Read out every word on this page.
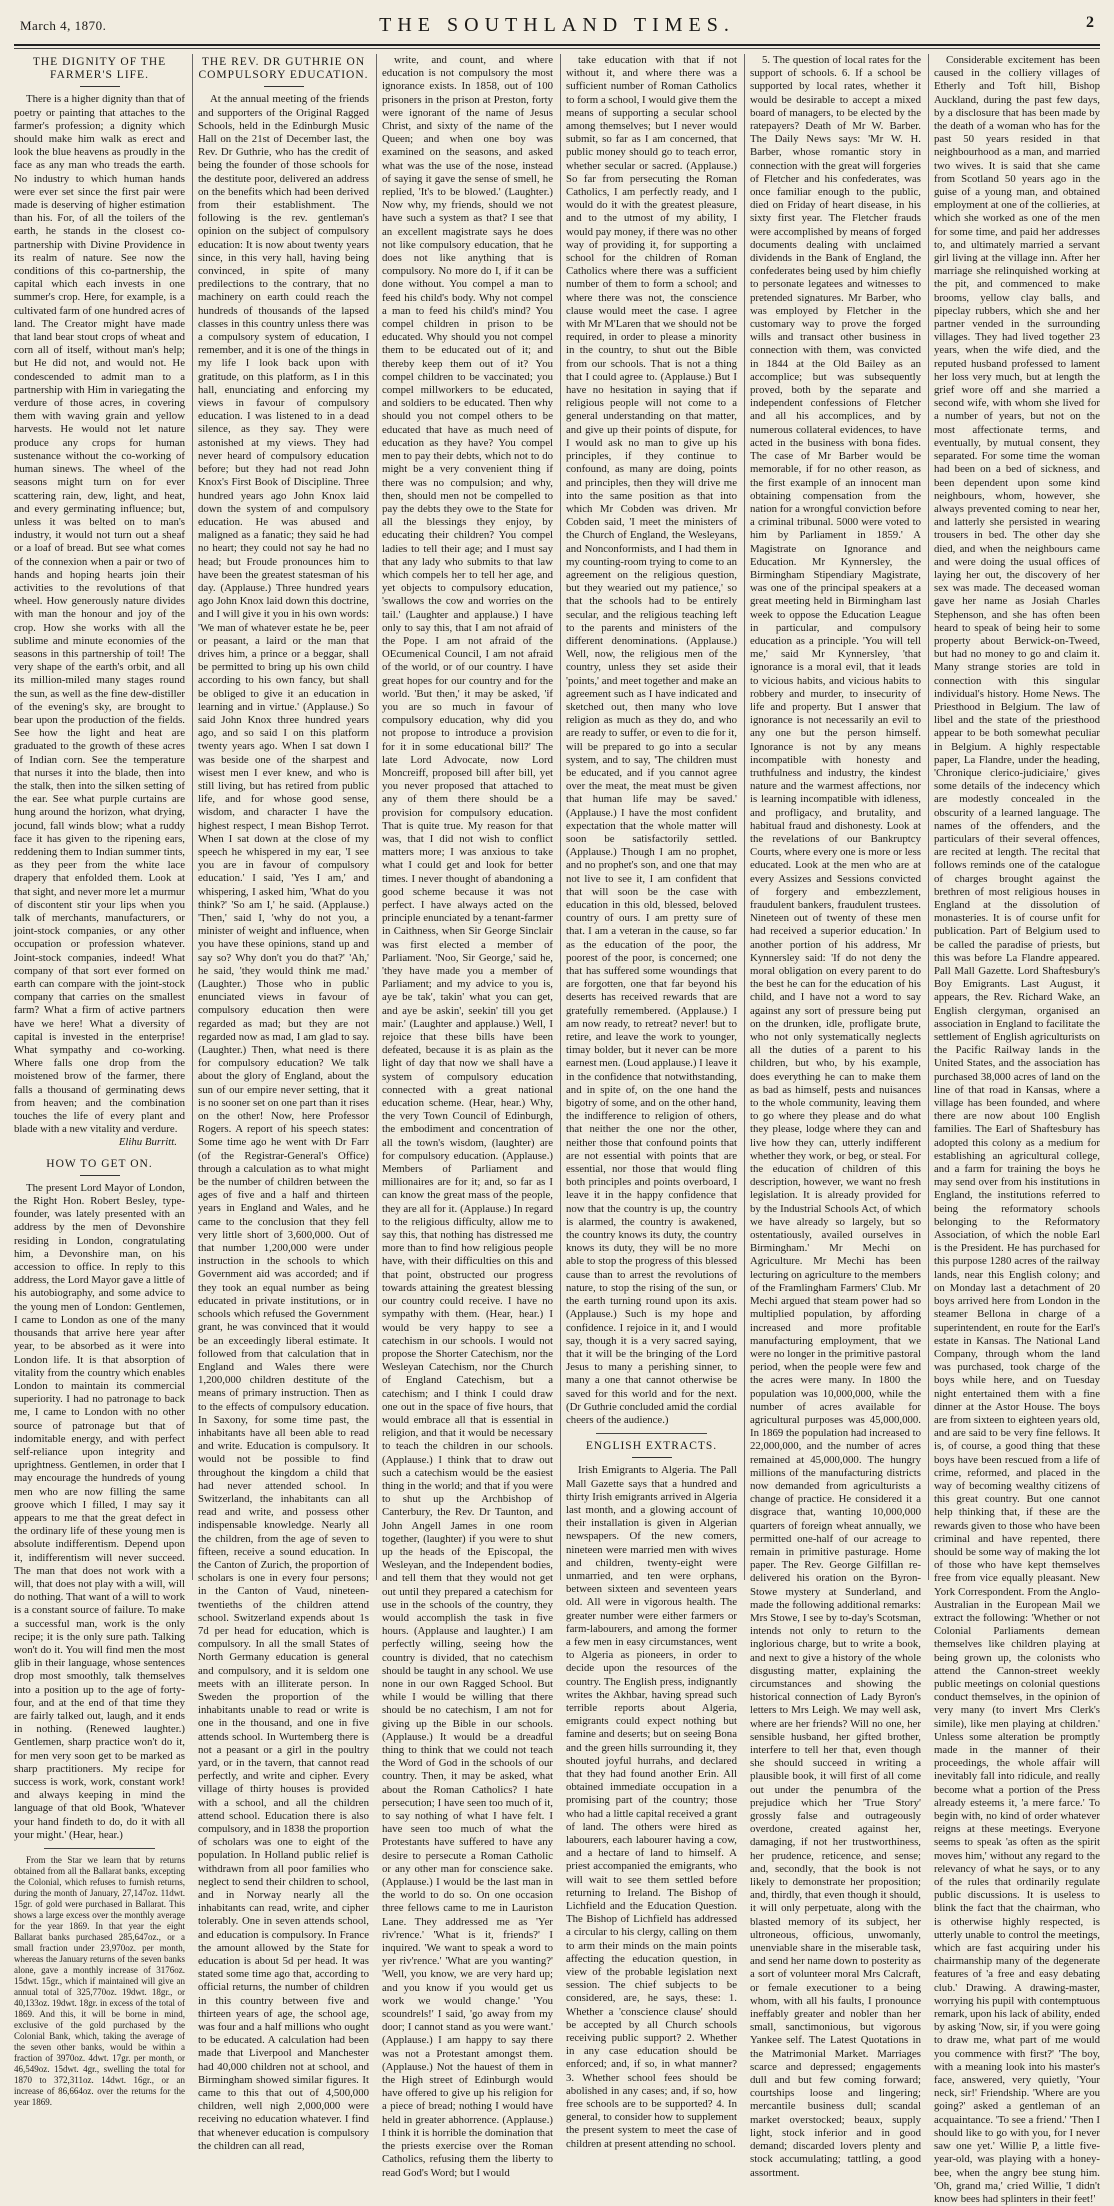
March 4, 1870.	THE SOUTHLAND TIMES.	2
THE DIGNITY OF THE FARMER'S LIFE.

There is a higher dignity than that of poetry or painting that attaches to the farmer's profession; a dignity which should make him walk as erect and look the blue heavens as proudly in the face as any man who treads the earth. No industry to which human hands were ever set since the first pair were made is deserving of higher estimation than his. For, of all the toilers of the earth, he stands in the closest co-partnership with Divine Providence in its realm of nature. See now the conditions of this co-partnership, the capital which each invests in one summer's crop. Here, for example, is a cultivated farm of one hundred acres of land. The Creator might have made that land bear stout crops of wheat and corn all of itself, without man's help; but He did not, and would not. He condescended to admit man to a partnership with Him in variegating the verdure of those acres, in covering them with waving grain and yellow harvests. He would not let nature produce any crops for human sustenance without the co-working of human sinews. The wheel of the seasons might turn on for ever scattering rain, dew, light, and heat, and every germinating influence; but, unless it was belted on to man's industry, it would not turn out a sheaf or a loaf of bread. But see what comes of the connexion when a pair or two of hands and hoping hearts join their activities to the revolutions of that wheel. How generously nature divides with man the honour and joy of the crop. How she works with all the sublime and minute economies of the seasons in this partnership of toil! The very shape of the earth's orbit, and all its million-miled many stages round the sun, as well as the fine dew-distiller of the evening's sky, are brought to bear upon the production of the fields. See how the light and heat are graduated to the growth of these acres of Indian corn. See the temperature that nurses it into the blade, then into the stalk, then into the silken setting of the ear. See what purple curtains are hung around the horizon, what drying, jocund, fall winds blow; what a ruddy face it has given to the ripening ears, reddening them to Indian summer tints, as they peer from the white lace drapery that enfolded them. Look at that sight, and never more let a murmur of discontent stir your lips when you talk of merchants, manufacturers, or joint-stock companies, or any other occupation or profession whatever. Joint-stock companies, indeed! What company of that sort ever formed on earth can compare with the joint-stock company that carries on the smallest farm? What a firm of active partners have we here! What a diversity of capital is invested in the enterprise! What sympathy and co-working. Where falls one drop from the moistened brow of the farmer, there falls a thousand of germinating dews from heaven; and the combination touches the life of every plant and blade with a new vitality and verdure.

Elihu Burritt.
HOW TO GET ON.

The present Lord Mayor of London, the Right Hon. Robert Besley, type-founder, was lately presented with an address by the men of Devonshire residing in London, congratulating him, a Devonshire man, on his accession to office. In reply to this address, the Lord Mayor gave a little of his autobiography, and some advice to the young men of London: Gentlemen, I came to London as one of the many thousands that arrive here year after year, to be absorbed as it were into London life. It is that absorption of vitality from the country which enables London to maintain its commercial superiority. I had no patronage to back me, I came to London with no other source of patronage but that of indomitable energy, and with perfect self-reliance upon integrity and uprightness. Gentlemen, in order that I may encourage the hundreds of young men who are now filling the same groove which I filled, I may say it appears to me that the great defect in the ordinary life of these young men is absolute indifferentism. Depend upon it, indifferentism will never succeed. The man that does not work with a will, that does not play with a will, will do nothing. That want of a will to work is a constant source of failure. To make a successful man, work is the only recipe; it is the only sure path. Talking won't do it. You will find men the most glib in their language, whose sentences drop most smoothly, talk themselves into a position up to the age of forty-four, and at the end of that time they are fairly talked out, laugh, and it ends in nothing. (Renewed laughter.) Gentlemen, sharp practice won't do it, for men very soon get to be marked as sharp practitioners. My recipe for success is work, work, constant work! and always keeping in mind the language of that old Book, 'Whatever your hand findeth to do, do it with all your might.' (Hear, hear.)

From the Star we learn that by returns obtained from all the Ballarat banks, excepting the Colonial, which refuses to furnish returns, during the month of January, 27,147oz. 11dwt. 15gr. of gold were purchased in Ballarat. This shows a large excess over the monthly average for the year 1869. In that year the eight Ballarat banks purchased 285,647oz., or a small fraction under 23,970oz. per month, whereas the January returns of the seven banks alone, gave a monthly increase of 3176oz. 15dwt. 15gr., which if maintained will give an annual total of 325,770oz. 19dwt. 18gr., or 40,133oz. 19dwt. 18gr. in excess of the total of 1869. And this, it will be borne in mind, exclusive of the gold purchased by the Colonial Bank, which, taking the average of the seven other banks, would be within a fraction of 3970oz. 4dwt. 17gr. per month, or 46,549oz. 15dwt. 4gr., swelling the total for 1870 to 372,311oz. 14dwt. 16gr., or an increase of 86,664oz. over the returns for the year 1869.

THE REV. DR GUTHRIE ON COMPULSORY EDUCATION.

At the annual meeting of the friends and supporters of the Original Ragged Schools, held in the Edinburgh Music Hall on the 21st of December last, the Rev. Dr Guthrie, who has the credit of being the founder of those schools for the destitute poor, delivered an address on the benefits which had been derived from their establishment. The following is the rev. gentleman's opinion on the subject of compulsory education: It is now about twenty years since, in this very hall, having being convinced, in spite of many predilections to the contrary, that no machinery on earth could reach the hundreds of thousands of the lapsed classes in this country unless there was a compulsory system of education, I remember, and it is one of the things in my life I look back upon with gratitude, on this platform, as I in this hall, enunciating and enforcing my views in favour of compulsory education. I was listened to in a dead silence, as they say. They were astonished at my views. They had never heard of compulsory education before; but they had not read John Knox's First Book of Discipline. Three hundred years ago John Knox laid down the system of and compulsory education. He was abused and maligned as a fanatic; they said he had no heart; they could not say he had no head; but Froude pronounces him to have been the greatest statesman of his day. (Applause.) Three hundred years ago John Knox laid down this doctrine, and I will give it you in his own words: 'We man of whatever estate he be, peer or peasant, a laird or the man that drives him, a prince or a beggar, shall be permitted to bring up his own child according to his own fancy, but shall be obliged to give it an education in learning and in virtue.' (Applause.) So said John Knox three hundred years ago, and so said I on this platform twenty years ago. When I sat down I was beside one of the sharpest and wisest men I ever knew, and who is still living, but has retired from public life, and for whose good sense, wisdom, and character I have the highest respect, I mean Bishop Terrot. When I sat down at the close of my speech he whispered in my ear, 'I see you are in favour of compulsory education.' I said, 'Yes I am,' and whispering, I asked him, 'What do you think?' 'So am I,' he said. (Applause.) 'Then,' said I, 'why do not you, a minister of weight and influence, when you have these opinions, stand up and say so? Why don't you do that?' 'Ah,' he said, 'they would think me mad.' (Laughter.) Those who in public enunciated views in favour of compulsory education then were regarded as mad; but they are not regarded now as mad, I am glad to say. (Laughter.) Then, what need is there for compulsory education? We talk about the glory of England, about the sun of our empire never setting, that it is no sooner set on one part than it rises on the other! Now, here Professor Rogers. A report of his speech states: Some time ago he went with Dr Farr (of the Registrar-General's Office) through a calculation as to what might be the number of children between the ages of five and a half and thirteen years in England and Wales, and he came to the conclusion that they fell very little short of 3,600,000. Out of that number 1,200,000 were under instruction in the schools to which Government aid was accorded; and if they took an equal number as being educated in private institutions, or in schools which refused the Government grant, he was convinced that it would be an exceedingly liberal estimate. It followed from that calculation that in England and Wales there were 1,200,000 children destitute of the means of primary instruction. Then as to the effects of compulsory education. In Saxony, for some time past, the inhabitants have all been able to read and write. Education is compulsory. It would not be possible to find throughout the kingdom a child that had never attended school. In Switzerland, the inhabitants can all read and write, and possess other indispensable knowledge. Nearly all the children, from the age of seven to fifteen, receive a sound education. In the Canton of Zurich, the proportion of scholars is one in every four persons; in the Canton of Vaud, nineteen-twentieths of the children attend school. Switzerland expends about 1s 7d per head for education, which is compulsory. In all the small States of North Germany education is general and compulsory, and it is seldom one meets with an illiterate person. In Sweden the proportion of the inhabitants unable to read or write is one in the thousand, and one in five attends school. In Wurtemberg there is not a peasant or a girl in the poultry yard, or in the tavern, that cannot read perfectly, and write and cipher. Every village of thirty houses is provided with a school, and all the children attend school. Education there is also compulsory, and in 1838 the proportion of scholars was one to eight of the population. In Holland public relief is withdrawn from all poor families who neglect to send their children to school, and in Norway nearly all the inhabitants can read, write, and cipher tolerably. One in seven attends school, and education is compulsory. In France the amount allowed by the State for education is about 5d per head. It was stated some time ago that, according to official returns, the number of children in this country between five and thirteen years of age, the school age, was four and a half millions who ought to be educated. A calculation had been made that Liverpool and Manchester had 40,000 children not at school, and Birmingham showed similar figures. It came to this that out of 4,500,000 children, well nigh 2,000,000 were receiving no education whatever. I find that whenever education is compulsory the children can all read,

write, and count, and where education is not compulsory the most ignorance exists. In 1858, out of 100 prisoners in the prison at Preston, forty were ignorant of the name of Jesus Christ, and sixty of the name of the Queen; and when one boy was examined on the seasons, and asked what was the use of the nose, instead of saying it gave the sense of smell, he replied, 'It's to be blowed.' (Laughter.) Now why, my friends, should we not have such a system as that? I see that an excellent magistrate says he does not like compulsory education, that he does not like anything that is compulsory. No more do I, if it can be done without. You compel a man to feed his child's body. Why not compel a man to feed his child's mind? You compel children in prison to be educated. Why should you not compel them to be educated out of it; and thereby keep them out of it? You compel children to be vaccinated; you compel millworkers to be educated, and soldiers to be educated. Then why should you not compel others to be educated that have as much need of education as they have? You compel men to pay their debts, which not to do might be a very convenient thing if there was no compulsion; and why, then, should men not be compelled to pay the debts they owe to the State for all the blessings they enjoy, by educating their children? You compel ladies to tell their age; and I must say that any lady who submits to that law which compels her to tell her age, and yet objects to compulsory education, 'swallows the cow and worries on the tail.' (Laughter and applause.) I have only to say this, that I am not afraid of the Pope. I am not afraid of the OEcumenical Council, I am not afraid of the world, or of our country. I have great hopes for our country and for the world. 'But then,' it may be asked, 'if you are so much in favour of compulsory education, why did you not propose to introduce a provision for it in some educational bill?' The late Lord Advocate, now Lord Moncreiff, proposed bill after bill, yet you never proposed that attached to any of them there should be a provision for compulsory education. That is quite true. My reason for that was, that I did not wish to conflict matters more; I was anxious to take what I could get and look for better times. I never thought of abandoning a good scheme because it was not perfect. I have always acted on the principle enunciated by a tenant-farmer in Caithness, when Sir George Sinclair was first elected a member of Parliament. 'Noo, Sir George,' said he, 'they have made you a member of Parliament; and my advice to you is, aye be tak', takin' what you can get, and aye be askin', seekin' till you get mair.' (Laughter and applause.) Well, I rejoice that these bills have been defeated, because it is as plain as the light of day that now we shall have a system of compulsory education connected with a great national education scheme. (Hear, hear.) Why, the very Town Council of Edinburgh, the embodiment and concentration of all the town's wisdom, (laughter) are for compulsory education. (Applause.) Members of Parliament and millionaires are for it; and, so far as I can know the great mass of the people, they are all for it. (Applause.) In regard to the religious difficulty, allow me to say this, that nothing has distressed me more than to find how religious people have, with their difficulties on this and that point, obstructed our progress towards attaining the greatest blessing our country could receive. I have no sympathy with them. (Hear, hear.) I would be very happy to see a catechism in our schools. I would not propose the Shorter Catechism, nor the Wesleyan Catechism, nor the Church of England Catechism, but a catechism; and I think I could draw one out in the space of five hours, that would embrace all that is essential in religion, and that it would be necessary to teach the children in our schools. (Applause.) I think that to draw out such a catechism would be the easiest thing in the world; and that if you were to shut up the Archbishop of Canterbury, the Rev. Dr Taunton, and John Angell James in one room together, (laughter) if you were to shut up the heads of the Episcopal, the Wesleyan, and the Independent bodies, and tell them that they would not get out until they prepared a catechism for use in the schools of the country, they would accomplish the task in five hours. (Applause and laughter.) I am perfectly willing, seeing how the country is divided, that no catechism should be taught in any school. We use none in our own Ragged School. But while I would be willing that there should be no catechism, I am not for giving up the Bible in our schools. (Applause.) It would be a dreadful thing to think that we could not teach the Word of God in the schools of our country. Then, it may be asked, what about the Roman Catholics? I hate persecution; I have seen too much of it, to say nothing of what I have felt. I have seen too much of what the Protestants have suffered to have any desire to persecute a Roman Catholic or any other man for conscience sake. (Applause.) I would be the last man in the world to do so. On one occasion three fellows came to me in Lauriston Lane. They addressed me as 'Yer riv'rence.' 'What is it, friends?' I inquired. 'We want to speak a word to yer riv'rence.' 'What are you wanting?' 'Well, you know, we are very hard up; and you know if you would get us work we would change.' 'You scoundrels!' I said, 'go away from my door; I cannot stand as you were want.' (Applause.) I am happy to say there was not a Protestant amongst them. (Applause.) Not the hauest of them in the High street of Edinburgh would have offered to give up his religion for a piece of bread; nothing I would have held in greater abhorrence. (Applause.) I think it is horrible the domination that the priests exercise over the Roman Catholics, refusing them the liberty to read God's Word; but I would

take education with that if not without it, and where there was a sufficient number of Roman Catholics to form a school, I would give them the means of supporting a secular school among themselves; but I never would submit, so far as I am concerned, that public money should go to teach error, whether secular or sacred. (Applause.) So far from persecuting the Roman Catholics, I am perfectly ready, and I would do it with the greatest pleasure, and to the utmost of my ability, I would pay money, if there was no other way of providing it, for supporting a school for the children of Roman Catholics where there was a sufficient number of them to form a school; and where there was not, the conscience clause would meet the case. I agree with Mr M'Laren that we should not be required, in order to please a minority in the country, to shut out the Bible from our schools. That is not a thing that I could agree to. (Applause.) But I have no hesitation in saying that if religious people will not come to a general understanding on that matter, and give up their points of dispute, for I would ask no man to give up his principles, if they continue to confound, as many are doing, points and principles, then they will drive me into the same position as that into which Mr Cobden was driven. Mr Cobden said, 'I meet the ministers of the Church of England, the Wesleyans, and Nonconformists, and I had them in my counting-room trying to come to an agreement on the religious question, but they wearied out my patience,' so that the schools had to be entirely secular, and the religious teaching left to the parents and ministers of the different denominations. (Applause.) Well, now, the religious men of the country, unless they set aside their 'points,' and meet together and make an agreement such as I have indicated and sketched out, then many who love religion as much as they do, and who are ready to suffer, or even to die for it, will be prepared to go into a secular system, and to say, 'The children must be educated, and if you cannot agree over the meat, the meat must be given that human life may be saved.' (Applause.) I have the most confident expectation that the whole matter will soon be satisfactorily settled. (Applause.) Though I am no prophet, and no prophet's son, and one that may not live to see it, I am confident that that will soon be the case with education in this old, blessed, beloved country of ours. I am pretty sure of that. I am a veteran in the cause, so far as the education of the poor, the poorest of the poor, is concerned; one that has suffered some woundings that are forgotten, one that far beyond his deserts has received rewards that are gratefully remembered. (Applause.) I am now ready, to retreat? never! but to retire, and leave the work to younger, timay bolder, but it never can be more earnest men. (Loud applause.) I leave it in the confidence that notwithstanding, and in spite of, on the one hand the bigotry of some, and on the other hand, the indifference to religion of others, that neither the one nor the other, neither those that confound points that are not essential with points that are essential, nor those that would fling both principles and points overboard, I leave it in the happy confidence that now that the country is up, the country is alarmed, the country is awakened, the country knows its duty, the country knows its duty, they will be no more able to stop the progress of this blessed cause than to arrest the revolutions of nature, to stop the rising of the sun, or the earth turning round upon its axis. (Applause.) Such is my hope and confidence. I rejoice in it, and I would say, though it is a very sacred saying, that it will be the bringing of the Lord Jesus to many a perishing sinner, to many a one that cannot otherwise be saved for this world and for the next. (Dr Guthrie concluded amid the cordial cheers of the audience.)

ENGLISH EXTRACTS.

Irish Emigrants to Algeria. The Pall Mall Gazette says that a hundred and thirty Irish emigrants arrived in Algeria last month, and a glowing account of their installation is given in Algerian newspapers. Of the new comers, nineteen were married men with wives and children, twenty-eight were unmarried, and ten were orphans, between sixteen and seventeen years old. All were in vigorous health. The greater number were either farmers or farm-labourers, and among the former a few men in easy circumstances, went to Algeria as pioneers, in order to decide upon the resources of the country. The English press, indignantly writes the Akhbar, having spread such terrible reports about Algeria, emigrants could expect nothing but famine and deserts; but on seeing Bona and the green hills surrounding it, they shouted joyful hurrahs, and declared that they had found another Erin. All obtained immediate occupation in a promising part of the country; those who had a little capital received a grant of land. The others were hired as labourers, each labourer having a cow, and a hectare of land to himself. A priest accompanied the emigrants, who will wait to see them settled before returning to Ireland. The Bishop of Lichfield and the Education Question. The Bishop of Lichfield has addressed a circular to his clergy, calling on them to arm their minds on the main points affecting the education question, in view of the probable legislation next session. The chief subjects to be considered, are, he says, these: 1. Whether a 'conscience clause' should be accepted by all Church schools receiving public support? 2. Whether in any case education should be enforced; and, if so, in what manner? 3. Whether school fees should be abolished in any cases; and, if so, how free schools are to be supported? 4. In general, to consider how to supplement the present system to meet the case of children at present attending no school.

5. The question of local rates for the support of schools. 6. If a school be supported by local rates, whether it would be desirable to accept a mixed board of managers, to be elected by the ratepayers? Death of Mr W. Barber. The Daily News says: 'Mr W. H. Barber, whose romantic story in connection with the great will forgeries of Fletcher and his confederates, was once familiar enough to the public, died on Friday of heart disease, in his sixty first year. The Fletcher frauds were accomplished by means of forged documents dealing with unclaimed dividends in the Bank of England, the confederates being used by him chiefly to personate legatees and witnesses to pretended signatures. Mr Barber, who was employed by Fletcher in the customary way to prove the forged wills and transact other business in connection with them, was convicted in 1844 at the Old Bailey as an accomplice; but was subsequently proved, both by the separate and independent confessions of Fletcher and all his accomplices, and by numerous collateral evidences, to have acted in the business with bona fides. The case of Mr Barber would be memorable, if for no other reason, as the first example of an innocent man obtaining compensation from the nation for a wrongful conviction before a criminal tribunal. 5000 were voted to him by Parliament in 1859.' A Magistrate on Ignorance and Education. Mr Kynnersley, the Birmingham Stipendiary Magistrate, was one of the principal speakers at a great meeting held in Birmingham last week to oppose the Education League in particular, and compulsory education as a principle. 'You will tell me,' said Mr Kynnersley, 'that ignorance is a moral evil, that it leads to vicious habits, and vicious habits to robbery and murder, to insecurity of life and property. But I answer that ignorance is not necessarily an evil to any one but the person himself. Ignorance is not by any means incompatible with honesty and truthfulness and industry, the kindest nature and the warmest affections, nor is learning incompatible with idleness, and profligacy, and brutality, and habitual fraud and dishonesty. Look at the revelations of our Bankruptcy Courts, where every one is more or less educated. Look at the men who are at every Assizes and Sessions convicted of forgery and embezzlement, fraudulent bankers, fraudulent trustees. Nineteen out of twenty of these men had received a superior education.' In another portion of his address, Mr Kynnersley said: 'If do not deny the moral obligation on every parent to do the best he can for the education of his child, and I have not a word to say against any sort of pressure being put on the drunken, idle, profligate brute, who not only systematically neglects all the duties of a parent to his children, but who, by his example, does everything he can to make them as bad as himself, pests and nuisances to the whole community, leaving them to go where they please and do what they please, lodge where they can and live how they can, utterly indifferent whether they work, or beg, or steal. For the education of children of this description, however, we want no fresh legislation. It is already provided for by the Industrial Schools Act, of which we have already so largely, but so ostentatiously, availed ourselves in Birmingham.' Mr Mechi on Agriculture. Mr Mechi has been lecturing on agriculture to the members of the Framlingham Farmers' Club. Mr Mechi argued that steam power had so multiplied population, by affording increased and more profitable manufacturing employment, that we were no longer in the primitive pastoral period, when the people were few and the acres were many. In 1800 the population was 10,000,000, while the number of acres available for agricultural purposes was 45,000,000. In 1869 the population had increased to 22,000,000, and the number of acres remained at 45,000,000. The hungry millions of the manufacturing districts now demanded from agriculturists a change of practice. He considered it a disgrace that, wanting 10,000,000 quarters of foreign wheat annually, we permitted one-half of our acreage to remain in primitive pasturage. Home paper. The Rev. George Gilfillan re-delivered his oration on the Byron-Stowe mystery at Sunderland, and made the following additional remarks: Mrs Stowe, I see by to-day's Scotsman, intends not only to return to the inglorious charge, but to write a book, and next to give a history of the whole disgusting matter, explaining the circumstances and showing the historical connection of Lady Byron's letters to Mrs Leigh. We may well ask, where are her friends? Will no one, her sensible husband, her gifted brother, interfere to tell her that, even though she should succeed in writing a plausible book, it will first of all come out under the penumbra of the prejudice which her 'True Story' grossly false and outrageously overdone, created against her, damaging, if not her trustworthiness, her prudence, reticence, and sense; and, secondly, that the book is not likely to demonstrate her proposition; and, thirdly, that even though it should, it will only perpetuate, along with the blasted memory of its subject, her ultroneous, officious, unwomanly, unenviable share in the miserable task, and send her name down to posterity as a sort of volunteer moral Mrs Calcraft, or female executioner to a being whom, with all his faults, I pronounce ineffably greater and nobler than her small, sanctimonious, but vigorous Yankee self. The Latest Quotations in the Matrimonial Market. Marriages scarce and depressed; engagements dull and but few coming forward; courtships loose and lingering; mercantile business dull; scandal market overstocked; beaux, supply light, stock inferior and in good demand; discarded lovers plenty and stock accumulating; tattling, a good assortment.

Considerable excitement has been caused in the colliery villages of Etherly and Toft hill, Bishop Auckland, during the past few days, by a disclosure that has been made by the death of a woman who has for the past 50 years resided in that neighbourhood as a man, and married two wives. It is said that she came from Scotland 50 years ago in the guise of a young man, and obtained employment at one of the collieries, at which she worked as one of the men for some time, and paid her addresses to, and ultimately married a servant girl living at the village inn. After her marriage she relinquished working at the pit, and commenced to make brooms, yellow clay balls, and pipeclay rubbers, which she and her partner vended in the surrounding villages. They had lived together 23 years, when the wife died, and the reputed husband professed to lament her loss very much, but at length the grief wore off and she married a second wife, with whom she lived for a number of years, but not on the most affectionate terms, and eventually, by mutual consent, they separated. For some time the woman had been on a bed of sickness, and been dependent upon some kind neighbours, whom, however, she always prevented coming to near her, and latterly she persisted in wearing trousers in bed. The other day she died, and when the neighbours came and were doing the usual offices of laying her out, the discovery of her sex was made. The deceased woman gave her name as Josiah Charles Stephenson, and she has often been heard to speak of being heir to some property about Berwick-on-Tweed, but had no money to go and claim it. Many strange stories are told in connection with this singular individual's history. Home News. The Priesthood in Belgium. The law of libel and the state of the priesthood appear to be both somewhat peculiar in Belgium. A highly respectable paper, La Flandre, under the heading, 'Chronique clerico-judiciaire,' gives some details of the indecency which are modestly concealed in the obscurity of a learned language. The names of the offenders, and the particulars of their several offences, are recited at length. The recital that follows reminds one of the catalogue of charges brought against the brethren of most religious houses in England at the dissolution of monasteries. It is of course unfit for publication. Part of Belgium used to be called the paradise of priests, but this was before La Flandre appeared. Pall Mall Gazette. Lord Shaftesbury's Boy Emigrants. Last August, it appears, the Rev. Richard Wake, an English clergyman, organised an association in England to facilitate the settlement of English agriculturists on the Pacific Railway lands in the United States, and the association has purchased 38,000 acres of land on the line of that road in Kansas, where a village has been founded, and where there are now about 100 English families. The Earl of Shaftesbury has adopted this colony as a medium for establishing an agricultural college, and a farm for training the boys he may send over from his institutions in England, the institutions referred to being the reformatory schools belonging to the Reformatory Association, of which the noble Earl is the President. He has purchased for this purpose 1280 acres of the railway lands, near this English colony; and on Monday last a detachment of 20 boys arrived here from London in the steamer Bellona in charge of a superintendent, en route for the Earl's estate in Kansas. The National Land Company, through whom the land was purchased, took charge of the boys while here, and on Tuesday night entertained them with a fine dinner at the Astor House. The boys are from sixteen to eighteen years old, and are said to be very fine fellows. It is, of course, a good thing that these boys have been rescued from a life of crime, reformed, and placed in the way of becoming wealthy citizens of this great country. But one cannot help thinking that, if these are the rewards given to those who have been criminal and have repented, there should be some way of making the lot of those who have kept themselves free from vice equally pleasant. New York Correspondent. From the Anglo-Australian in the European Mail we extract the following: 'Whether or not Colonial Parliaments demean themselves like children playing at being grown up, the colonists who attend the Cannon-street weekly public meetings on colonial questions conduct themselves, in the opinion of very many (to invert Mrs Clerk's simile), like men playing at children.' Unless some alteration be promptly made in the manner of their proceedings, the whole affair will inevitably fall into ridicule, and really become what a portion of the Press already esteems it, 'a mere farce.' To begin with, no kind of order whatever reigns at these meetings. Everyone seems to speak 'as often as the spirit moves him,' without any regard to the relevancy of what he says, or to any of the rules that ordinarily regulate public discussions. It is useless to blink the fact that the chairman, who is otherwise highly respected, is utterly unable to control the meetings, which are fast acquiring under his chairmanship many of the degenerate features of 'a free and easy debating club.' Drawing. A drawing-master, worrying his pupil with contemptuous remark, upon his lack of ability, ended by asking 'Now, sir, if you were going to draw me, what part of me would you commence with first?' 'The boy, with a meaning look into his master's face, answered, very quietly, 'Your neck, sir!' Friendship. 'Where are you going?' asked a gentleman of an acquaintance. 'To see a friend.' 'Then I should like to go with you, for I never saw one yet.' Willie P, a little five-year-old, was playing with a honey-bee, when the angry bee stung him. 'Oh, grand ma,' cried Willie, 'I didn't know bees had splinters in their feet!'
